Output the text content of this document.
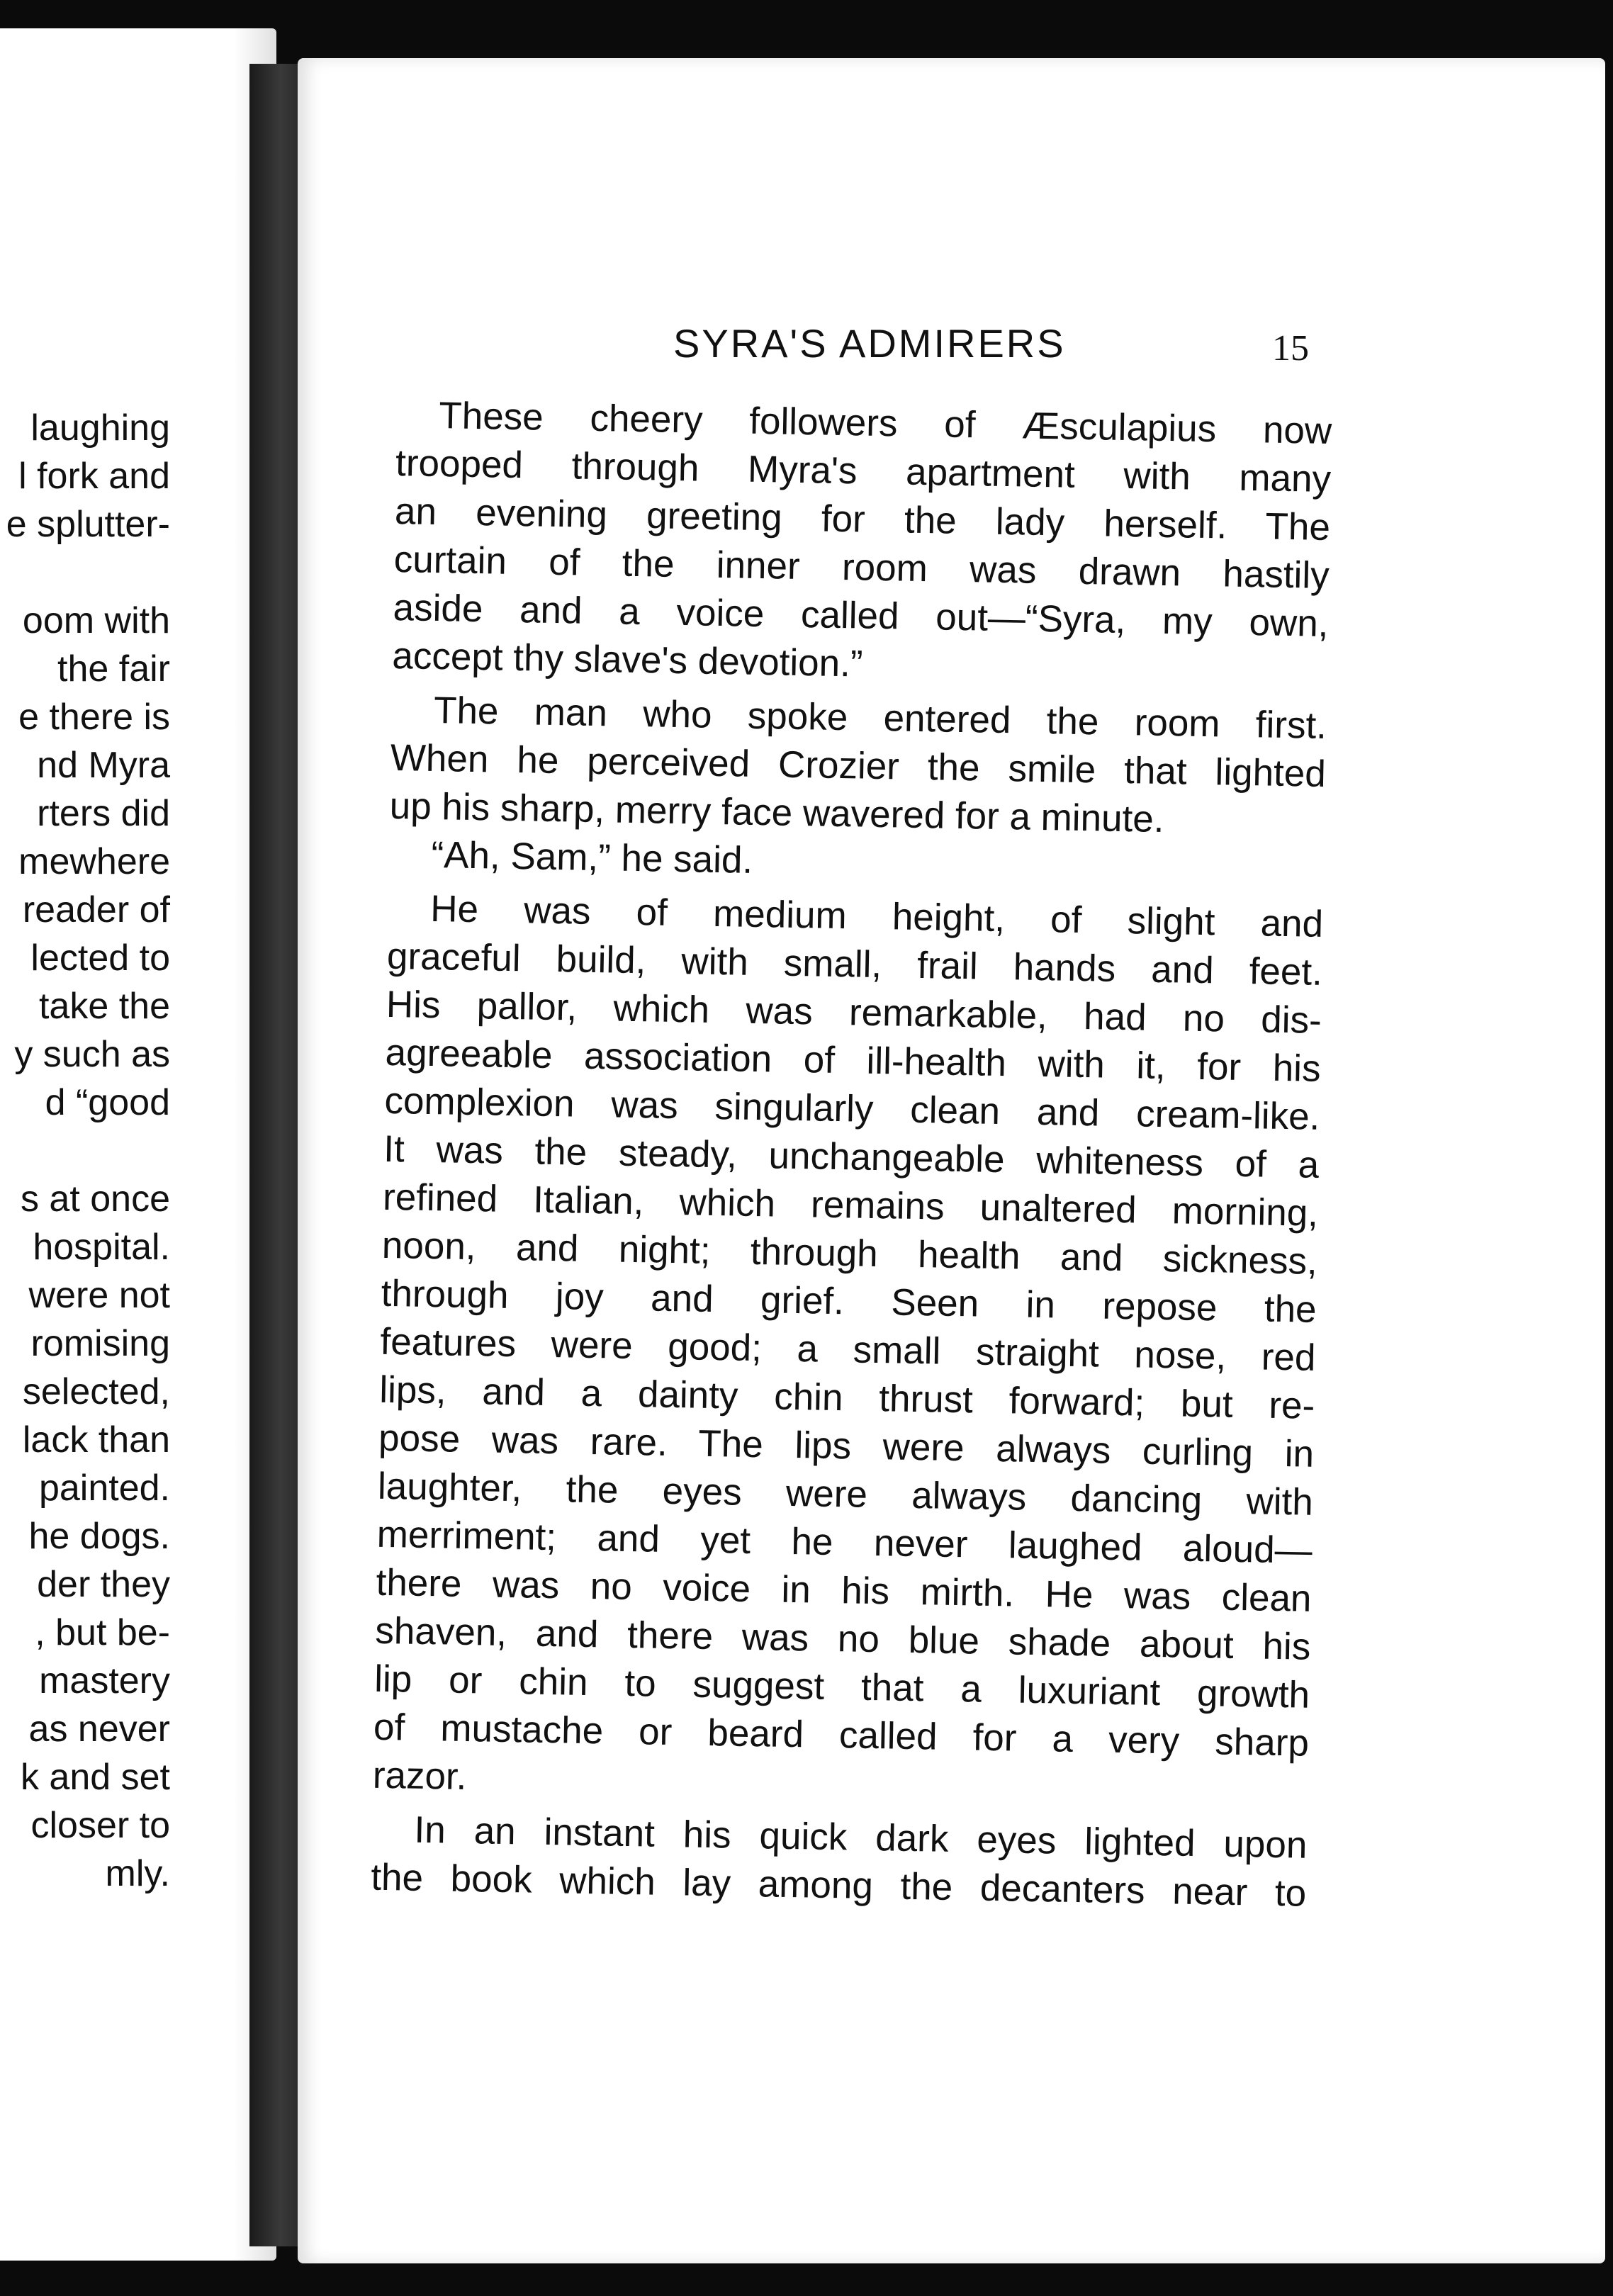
laughing
l fork and
e splutter-
oom with
the fair
e there is
nd Myra
rters did
mewhere
reader of
lected to
take the
y such as
d “good
s at once
hospital.
were not
romising
selected,
lack than
painted.
he dogs.
der they
, but be-
mastery
as never
k and set
closer to
mly.
SYRA'S ADMIRERS	15
These cheery followers of Æsculapius now
trooped through Myra's apartment with many
an evening greeting for the lady herself. The
curtain of the inner room was drawn hastily
aside and a voice called out—“Syra, my own,
accept thy slave's devotion.”
The man who spoke entered the room first.
When he perceived Crozier the smile that lighted
up his sharp, merry face wavered for a minute.
“Ah, Sam,” he said.
He was of medium height, of slight and
graceful build, with small, frail hands and feet.
His pallor, which was remarkable, had no dis-
agreeable association of ill-health with it, for his
complexion was singularly clean and cream-like.
It was the steady, unchangeable whiteness of a
refined Italian, which remains unaltered morning,
noon, and night; through health and sickness,
through joy and grief. Seen in repose the
features were good; a small straight nose, red
lips, and a dainty chin thrust forward; but re-
pose was rare. The lips were always curling in
laughter, the eyes were always dancing with
merriment; and yet he never laughed aloud—
there was no voice in his mirth. He was clean
shaven, and there was no blue shade about his
lip or chin to suggest that a luxuriant growth
of mustache or beard called for a very sharp
razor.
In an instant his quick dark eyes lighted upon
the book which lay among the decanters near to
